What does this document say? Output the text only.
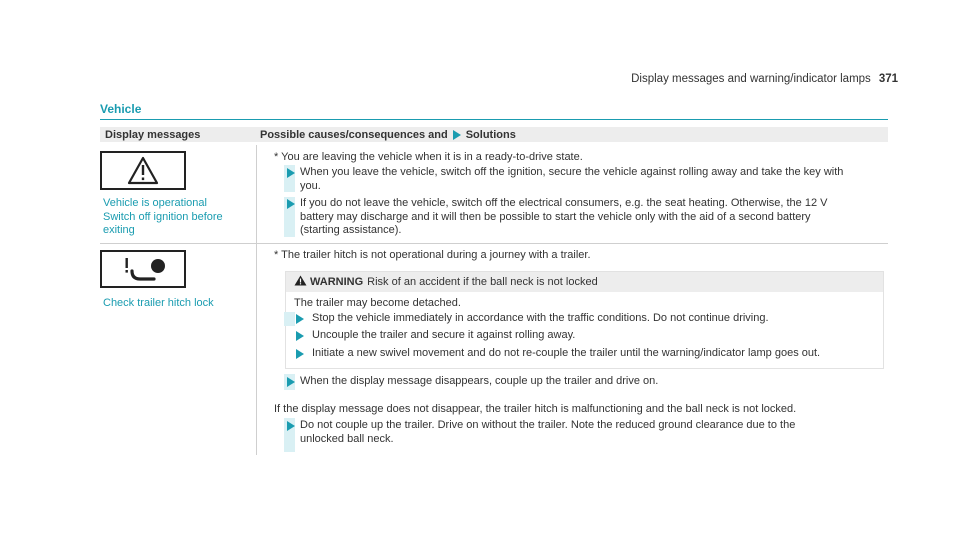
Display messages and warning/indicator lamps 371
Vehicle
Display messages	Possible causes/consequences and Solutions
Vehicle is operational
Switch off ignition before
exiting
* You are leaving the vehicle when it is in a ready-to-drive state.
When you leave the vehicle, switch off the ignition, secure the vehicle against rolling away and take the key with
you.
If you do not leave the vehicle, switch off the electrical consumers, e.g. the seat heating. Otherwise, the 12 V
battery may discharge and it will then be possible to start the vehicle only with the aid of a second battery
(starting assistance).
Check trailer hitch lock
* The trailer hitch is not operational during a journey with a trailer.
WARNING Risk of an accident if the ball neck is not locked
The trailer may become detached.
Stop the vehicle immediately in accordance with the traffic conditions. Do not continue driving.
Uncouple the trailer and secure it against rolling away.
Initiate a new swivel movement and do not re-couple the trailer until the warning/indicator lamp goes out.
When the display message disappears, couple up the trailer and drive on.
If the display message does not disappear, the trailer hitch is malfunctioning and the ball neck is not locked.
Do not couple up the trailer. Drive on without the trailer. Note the reduced ground clearance due to the
unlocked ball neck.
